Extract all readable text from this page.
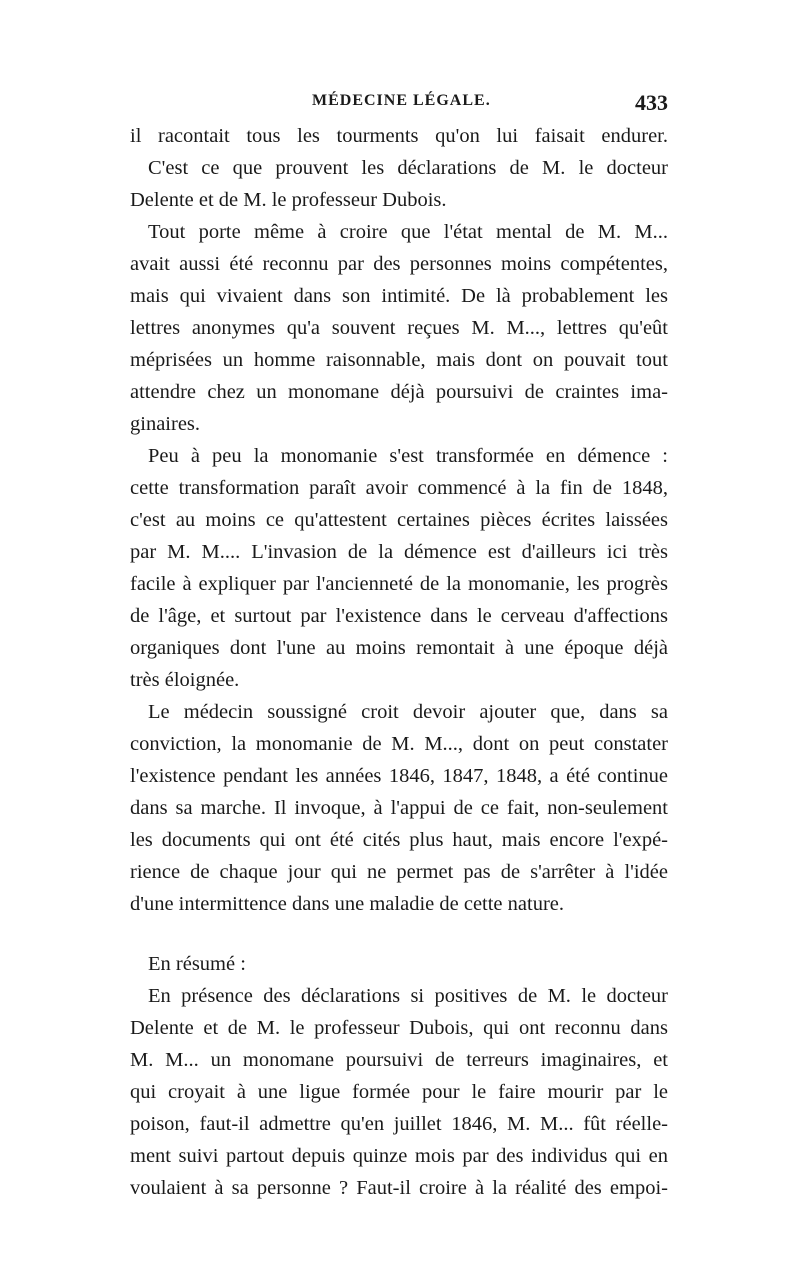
MÉDECINE LÉGALE.	433
il racontait tous les tourments qu'on lui faisait endurer.
C'est ce que prouvent les déclarations de M. le docteur
Delente et de M. le professeur Dubois.
Tout porte même à croire que l'état mental de M. M...
avait aussi été reconnu par des personnes moins compétentes,
mais qui vivaient dans son intimité. De là probablement les
lettres anonymes qu'a souvent reçues M. M..., lettres qu'eût
méprisées un homme raisonnable, mais dont on pouvait tout
attendre chez un monomane déjà poursuivi de craintes ima-
ginaires.
Peu à peu la monomanie s'est transformée en démence :
cette transformation paraît avoir commencé à la fin de 1848,
c'est au moins ce qu'attestent certaines pièces écrites laissées
par M. M.... L'invasion de la démence est d'ailleurs ici très
facile à expliquer par l'ancienneté de la monomanie, les progrès
de l'âge, et surtout par l'existence dans le cerveau d'affections
organiques dont l'une au moins remontait à une époque déjà
très éloignée.
Le médecin soussigné croit devoir ajouter que, dans sa
conviction, la monomanie de M. M..., dont on peut constater
l'existence pendant les années 1846, 1847, 1848, a été continue
dans sa marche. Il invoque, à l'appui de ce fait, non-seulement
les documents qui ont été cités plus haut, mais encore l'expé-
rience de chaque jour qui ne permet pas de s'arrêter à l'idée
d'une intermittence dans une maladie de cette nature.
En résumé :
En présence des déclarations si positives de M. le docteur
Delente et de M. le professeur Dubois, qui ont reconnu dans
M. M... un monomane poursuivi de terreurs imaginaires, et
qui croyait à une ligue formée pour le faire mourir par le
poison, faut-il admettre qu'en juillet 1846, M. M... fût réelle-
ment suivi partout depuis quinze mois par des individus qui en
voulaient à sa personne ? Faut-il croire à la réalité des empoi-
